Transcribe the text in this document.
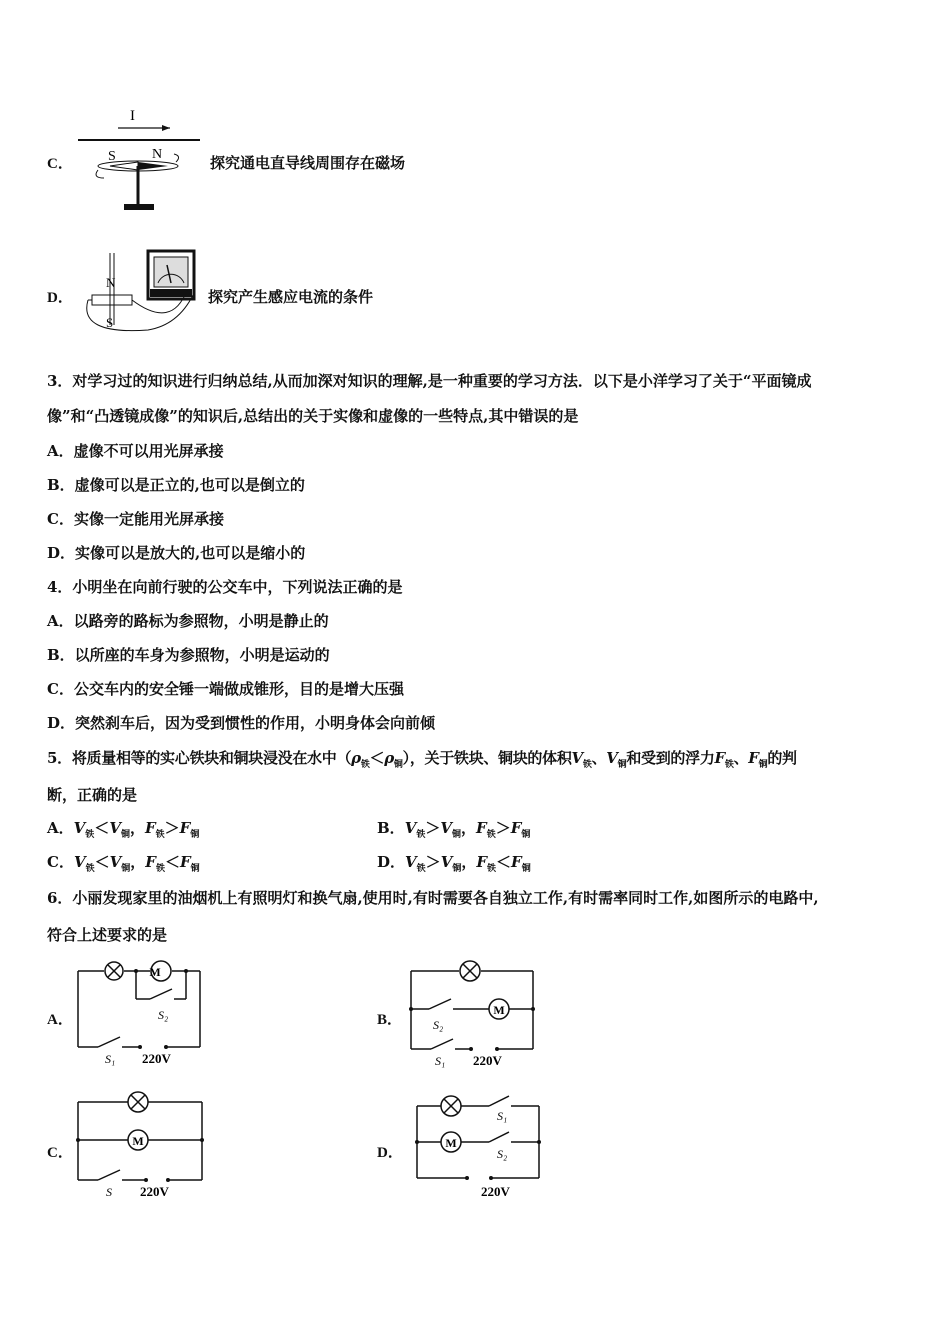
C．
I
S	N	探究通电直导线周围存在磁场
D．
N
S
探究产生感应电流的条件
3．对学习过的知识进行归纳总结,从而加深对知识的理解,是一种重要的学习方法．以下是小洋学习了关于“平面镜成
像”和“凸透镜成像”的知识后,总结出的关于实像和虚像的一些特点,其中错误的是
A．虚像不可以用光屏承接
B．虚像可以是正立的,也可以是倒立的
C．实像一定能用光屏承接
D．实像可以是放大的,也可以是缩小的
4．小明坐在向前行驶的公交车中，下列说法正确的是
A．以路旁的路标为参照物，小明是静止的
B．以所座的车身为参照物，小明是运动的
C．公交车内的安全锤一端做成锥形，目的是增大压强
D．突然刹车后，因为受到惯性的作用，小明身体会向前倾
5．将质量相等的实心铁块和铜块浸没在水中$(\rho_铁<\rho_铜)$，关于铁块、铜块的体积$V_铁$、$V_铜$和受到的浮力$F_铁$、$F_铜$的判
断，正确的是
A．$V_铁<V_铜$，$F_铁>F_铜$	B．$V_铁>V_铜$，$F_铁>F_铜$
C．$V_铁<V_铜$，$F_铁<F_铜$	D．$V_铁>V_铜$，$F_铁<F_铜$
6．小丽发现家里的油烟机上有照明灯和换气扇,使用时,有时需要各自独立工作,有时需率同时工作,如图所示的电路中,
符合上述要求的是
A．
M
S₂
S₁ 220V
B．
M
S₂
S₁ 220V
C．
M
S 220V
D．
M
S₁
S₂
220V
